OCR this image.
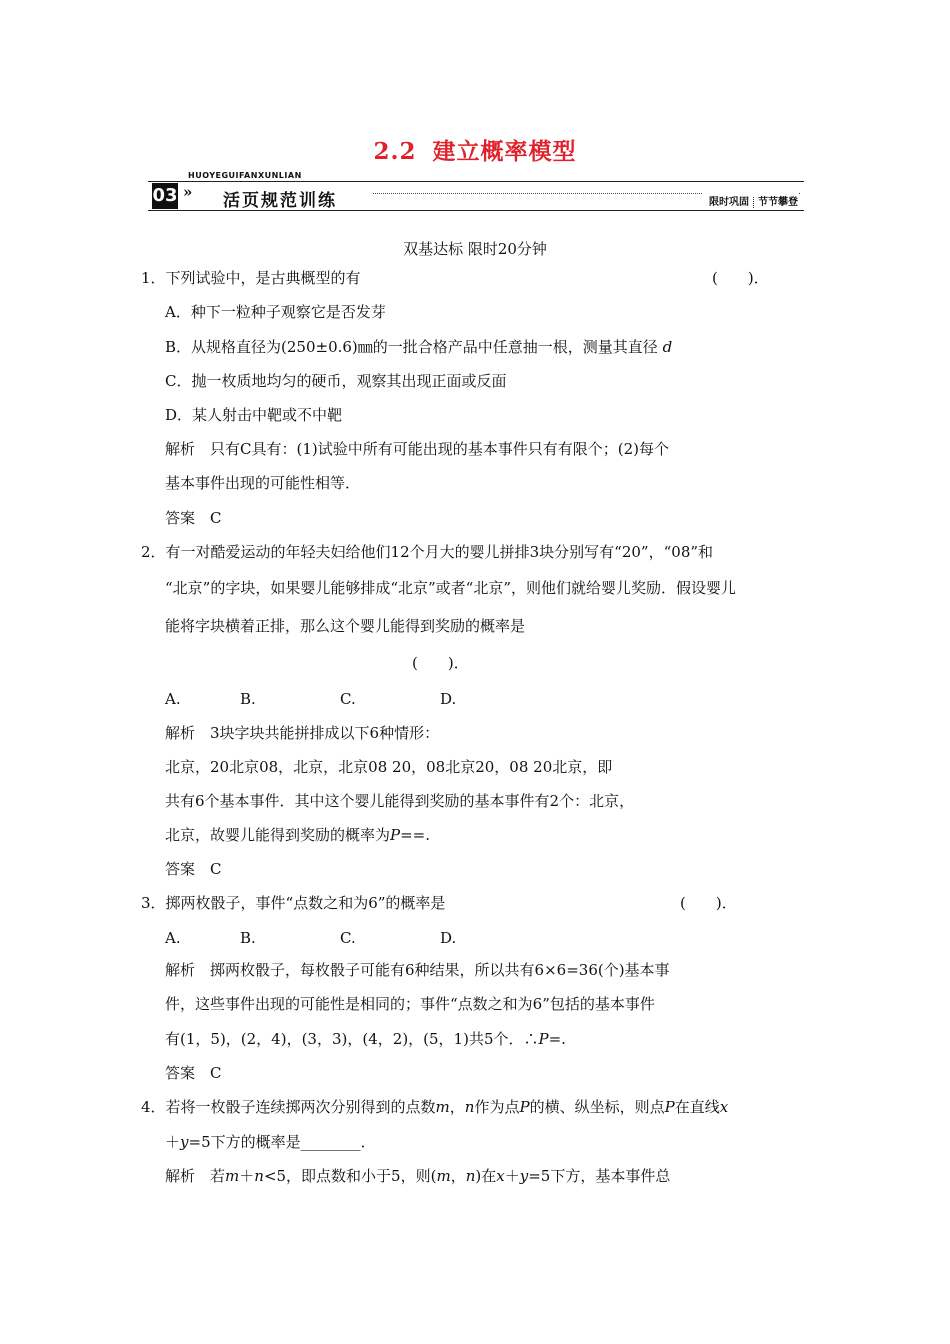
2.2 建立概率模型
HUOYEGUIFANXUNLIAN
03 » 活页规范训练	限时巩固 节节攀登
双基达标 限时20分钟
1．下列试验中，是古典概型的有	(　　)．
A．种下一粒种子观察它是否发芽
B．从规格直径为(250±0.6)㎜的一批合格产品中任意抽一根，测量其直径 d
C．抛一枚质地均匀的硬币，观察其出现正面或反面
D．某人射击中靶或不中靶
解析　只有C具有：(1)试验中所有可能出现的基本事件只有有限个；(2)每个
基本事件出现的可能性相等．
答案　C
2．有一对酷爱运动的年轻夫妇给他们12个月大的婴儿拼排3块分别写有“20”，“08”和
“北京”的字块，如果婴儿能够排成“北京”或者“北京”，则他们就给婴儿奖励．假设婴儿
能将字块横着正排，那么这个婴儿能得到奖励的概率是
(　　)．
A.	B.	C.	D.
解析　3块字块共能拼排成以下6种情形：
北京，20北京08，北京，北京08 20，08北京20，08 20北京，即
共有6个基本事件．其中这个婴儿能得到奖励的基本事件有2个：北京，
北京，故婴儿能得到奖励的概率为P==.
答案　C
3．掷两枚骰子，事件“点数之和为6”的概率是	(　　)．
A.	B.	C.	D.
解析　掷两枚骰子，每枚骰子可能有6种结果，所以共有6×6=36(个)基本事
件，这些事件出现的可能性是相同的；事件“点数之和为6”包括的基本事件
有(1，5)，(2，4)，(3，3)，(4，2)，(5，1)共5个．∴P=.
答案　C
4．若将一枚骰子连续掷两次分别得到的点数m，n作为点P的横、纵坐标，则点P在直线x
＋y=5下方的概率是________．
解析　若m＋n<5，即点数和小于5，则(m，n)在x＋y=5下方，基本事件总
